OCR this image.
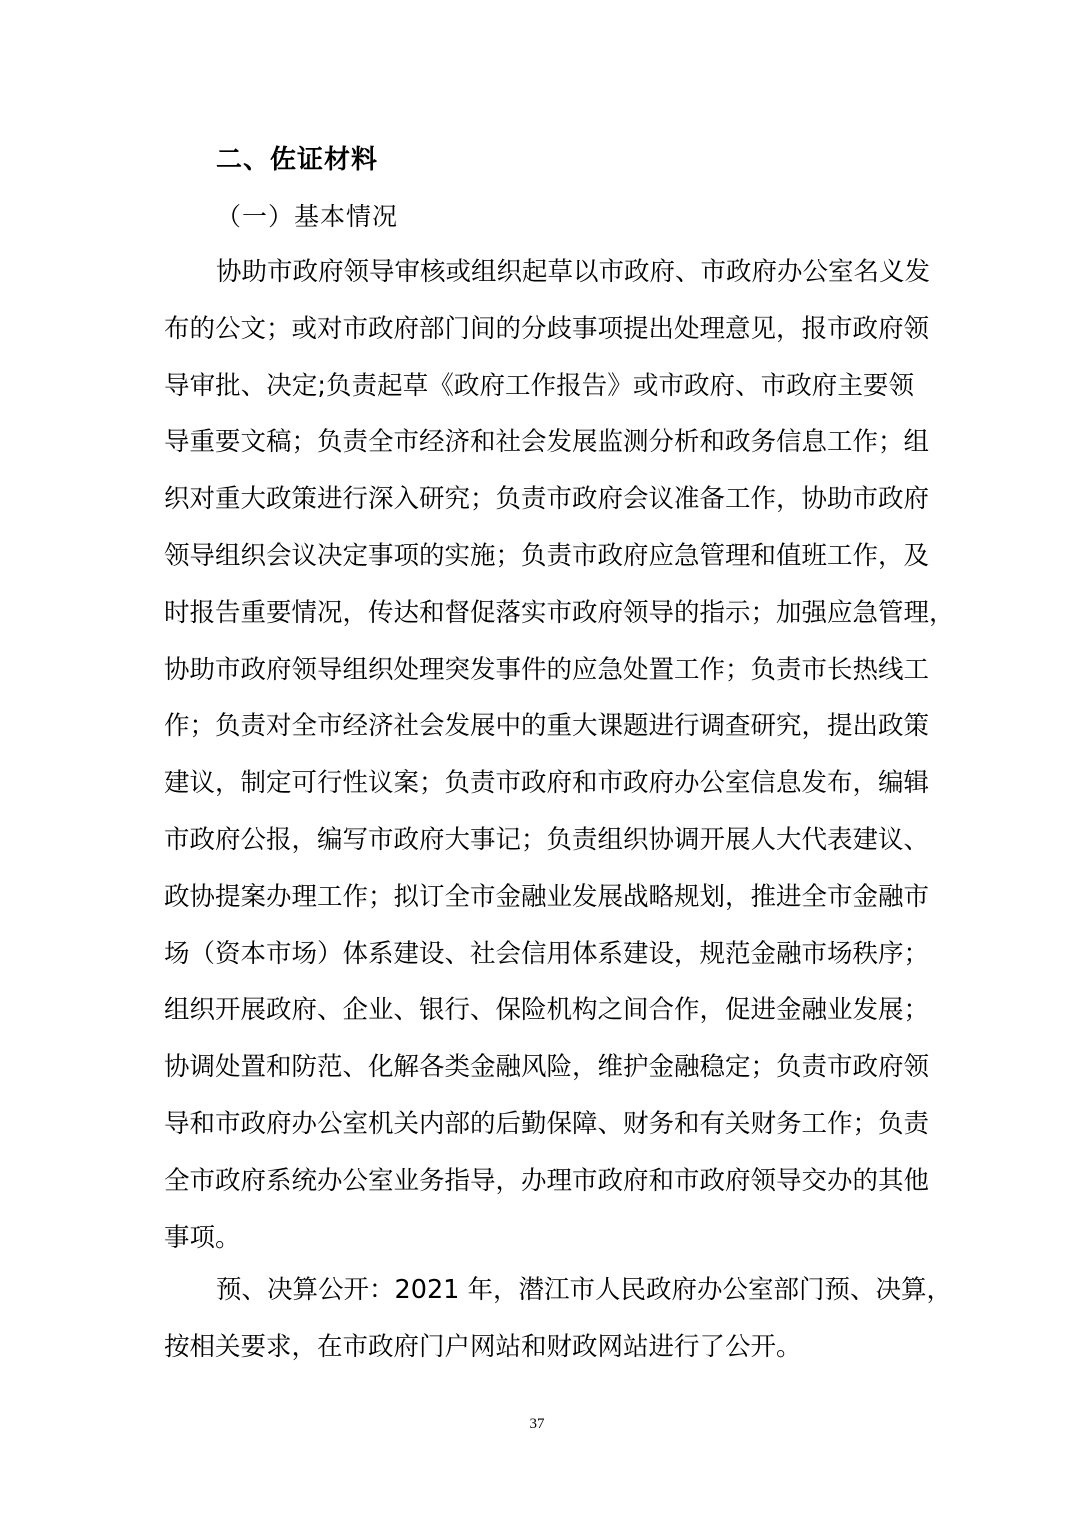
二、佐证材料
（一）基本情况
协助市政府领导审核或组织起草以市政府、市政府办公室名义发
布的公文；或对市政府部门间的分歧事项提出处理意见，报市政府领
导审批、决定;负责起草《政府工作报告》或市政府、市政府主要领
导重要文稿；负责全市经济和社会发展监测分析和政务信息工作；组
织对重大政策进行深入研究；负责市政府会议准备工作，协助市政府
领导组织会议决定事项的实施；负责市政府应急管理和值班工作，及
时报告重要情况，传达和督促落实市政府领导的指示；加强应急管理，
协助市政府领导组织处理突发事件的应急处置工作；负责市长热线工
作；负责对全市经济社会发展中的重大课题进行调查研究，提出政策
建议，制定可行性议案；负责市政府和市政府办公室信息发布，编辑
市政府公报，编写市政府大事记；负责组织协调开展人大代表建议、
政协提案办理工作；拟订全市金融业发展战略规划，推进全市金融市
场（资本市场）体系建设、社会信用体系建设，规范金融市场秩序；
组织开展政府、企业、银行、保险机构之间合作，促进金融业发展；
协调处置和防范、化解各类金融风险，维护金融稳定；负责市政府领
导和市政府办公室机关内部的后勤保障、财务和有关财务工作；负责
全市政府系统办公室业务指导，办理市政府和市政府领导交办的其他
事项。
预、决算公开：2021 年，潜江市人民政府办公室部门预、决算，
按相关要求，在市政府门户网站和财政网站进行了公开。
37
